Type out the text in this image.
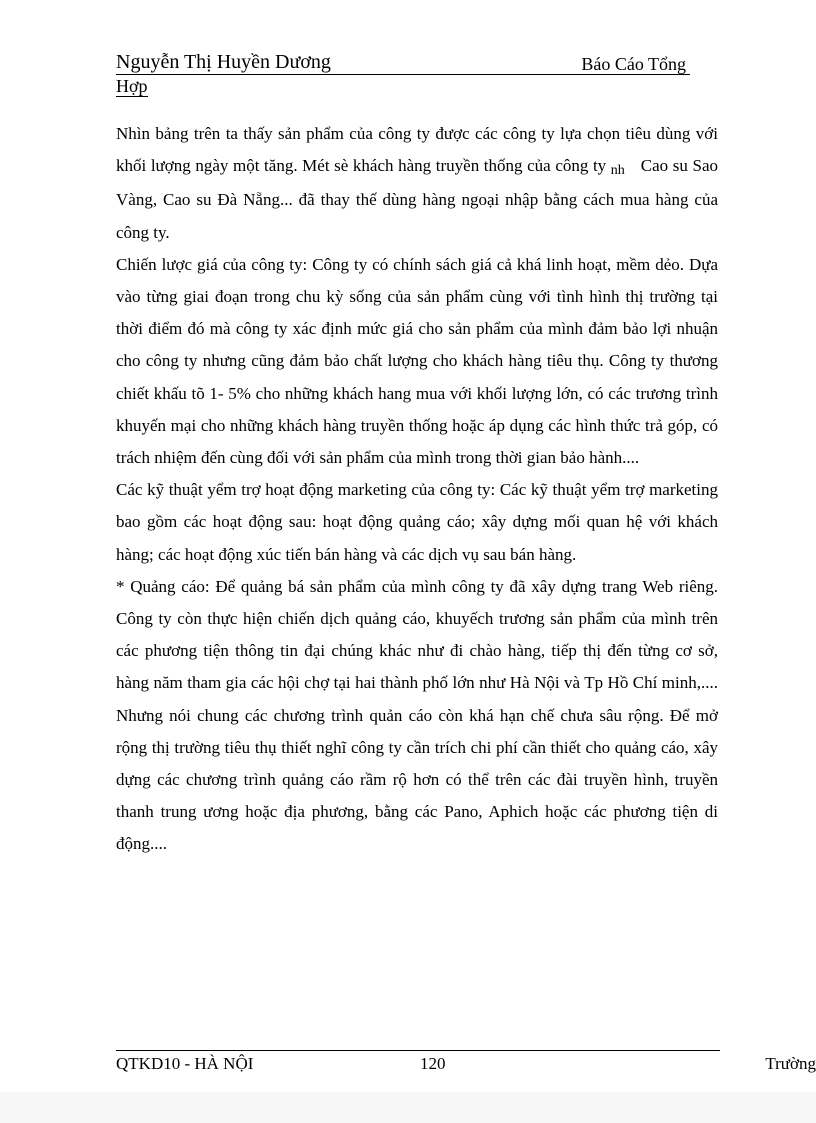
Nguyễn Thị Huyền Dương	Báo Cáo Tổng
Hợp

Nhìn bảng trên ta thấy sản phẩm của công ty được các công ty lựa chọn tiêu dùng với khối lượng ngày một tăng. Mét sè khách hàng truyền thống của công ty nh Cao su Sao Vàng, Cao su Đà Nẵng... đã thay thế dùng hàng ngoại nhập bằng cách mua hàng của công ty.

Chiến lược giá của công ty: Công ty có chính sách giá cả khá linh hoạt, mềm dẻo. Dựa vào từng giai đoạn trong chu kỳ sống của sản phẩm cùng với tình hình thị trường tại thời điểm đó mà công ty xác định mức giá cho sản phẩm của mình đảm bảo lợi nhuận cho công ty nhưng cũng đảm bảo chất lượng cho khách hàng tiêu thụ. Công ty thương chiết khấu tõ 1- 5% cho những khách hang mua với khối lượng lớn, có các trương trình khuyến mại cho những khách hàng truyền thống hoặc áp dụng các hình thức trả góp, có trách nhiệm đến cùng đối với sản phẩm của mình trong thời gian bảo hành....

Các kỹ thuật yểm trợ hoạt động marketing của công ty: Các kỹ thuật yểm trợ marketing bao gồm các hoạt động sau: hoạt động quảng cáo; xây dựng mối quan hệ với khách hàng; các hoạt động xúc tiến bán hàng và các dịch vụ sau bán hàng.

* Quảng cáo: Để quảng bá sản phẩm của mình công ty đã xây dựng trang Web riêng. Công ty còn thực hiện chiến dịch quảng cáo, khuyếch trương sản phẩm của mình trên các phương tiện thông tin đại chúng khác như đi chào hàng, tiếp thị đến từng cơ sở, hàng năm tham gia các hội chợ tại hai thành phố lớn như Hà Nội và Tp Hồ Chí minh,.... Nhưng nói chung các chương trình quản cáo còn khá hạn chế chưa sâu rộng. Để mở rộng thị trường tiêu thụ thiết nghĩ công ty cần trích chi phí cần thiết cho quảng cáo, xây dựng các chương trình quảng cáo rầm rộ hơn có thể trên các đài truyền hình, truyền thanh trung ương hoặc địa phương, bằng các Pano, Aphich hoặc các phương tiện di động....

QTKD10 - HÀ NỘI	120	Trường
